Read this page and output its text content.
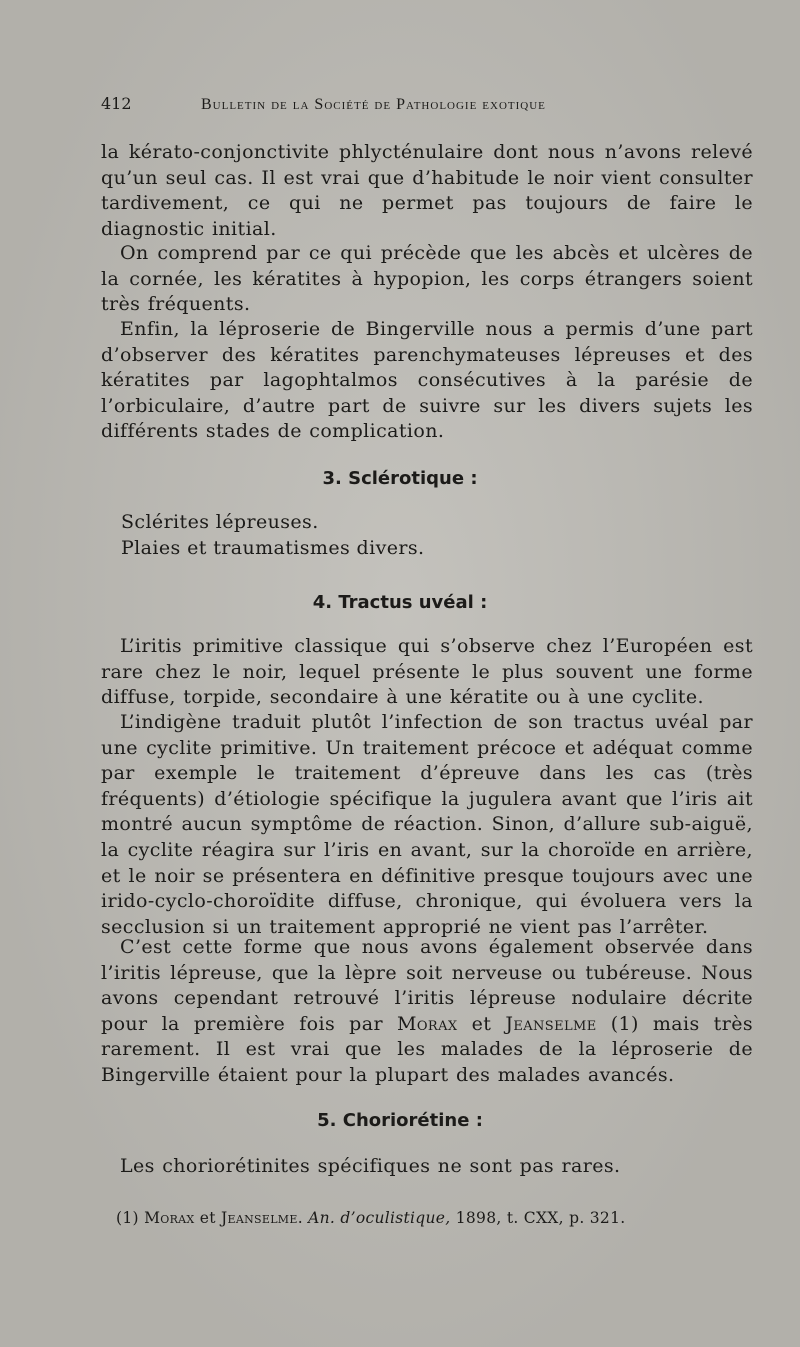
412	Bulletin de la Société de Pathologie exotique
la kérato-conjonctivite phlycténulaire dont nous n’avons relevé qu’un seul cas. Il est vrai que d’habitude le noir vient consulter tardivement, ce qui ne permet pas toujours de faire le diagnostic initial.
On comprend par ce qui précède que les abcès et ulcères de la cornée, les kératites à hypopion, les corps étrangers soient très fréquents.
Enfin, la léproserie de Bingerville nous a permis d’une part d’observer des kératites parenchymateuses lépreuses et des kératites par lagophtalmos consécutives à la parésie de l’orbiculaire, d’autre part de suivre sur les divers sujets les différents stades de complication.
3. Sclérotique :
Sclérites lépreuses.
Plaies et traumatismes divers.
4. Tractus uvéal :
L’iritis primitive classique qui s’observe chez l’Européen est rare chez le noir, lequel présente le plus souvent une forme diffuse, torpide, secondaire à une kératite ou à une cyclite.
L’indigène traduit plutôt l’infection de son tractus uvéal par une cyclite primitive. Un traitement précoce et adéquat comme par exemple le traitement d’épreuve dans les cas (très fréquents) d’étiologie spécifique la jugulera avant que l’iris ait montré aucun symptôme de réaction. Sinon, d’allure sub-aiguë, la cyclite réagira sur l’iris en avant, sur la choroïde en arrière, et le noir se présentera en définitive presque toujours avec une irido-cyclo-choroïdite diffuse, chronique, qui évoluera vers la secclusion si un traitement approprié ne vient pas l’arrêter.
C’est cette forme que nous avons également observée dans l’iritis lépreuse, que la lèpre soit nerveuse ou tubéreuse. Nous avons cependant retrouvé l’iritis lépreuse nodulaire décrite pour la première fois par Morax et Jeanselme (1) mais très rarement. Il est vrai que les malades de la léproserie de Bingerville étaient pour la plupart des malades avancés.
5. Choriorétine :
Les choriorétinites spécifiques ne sont pas rares.
(1) Morax et Jeanselme. An. d’oculistique, 1898, t. CXX, p. 321.
